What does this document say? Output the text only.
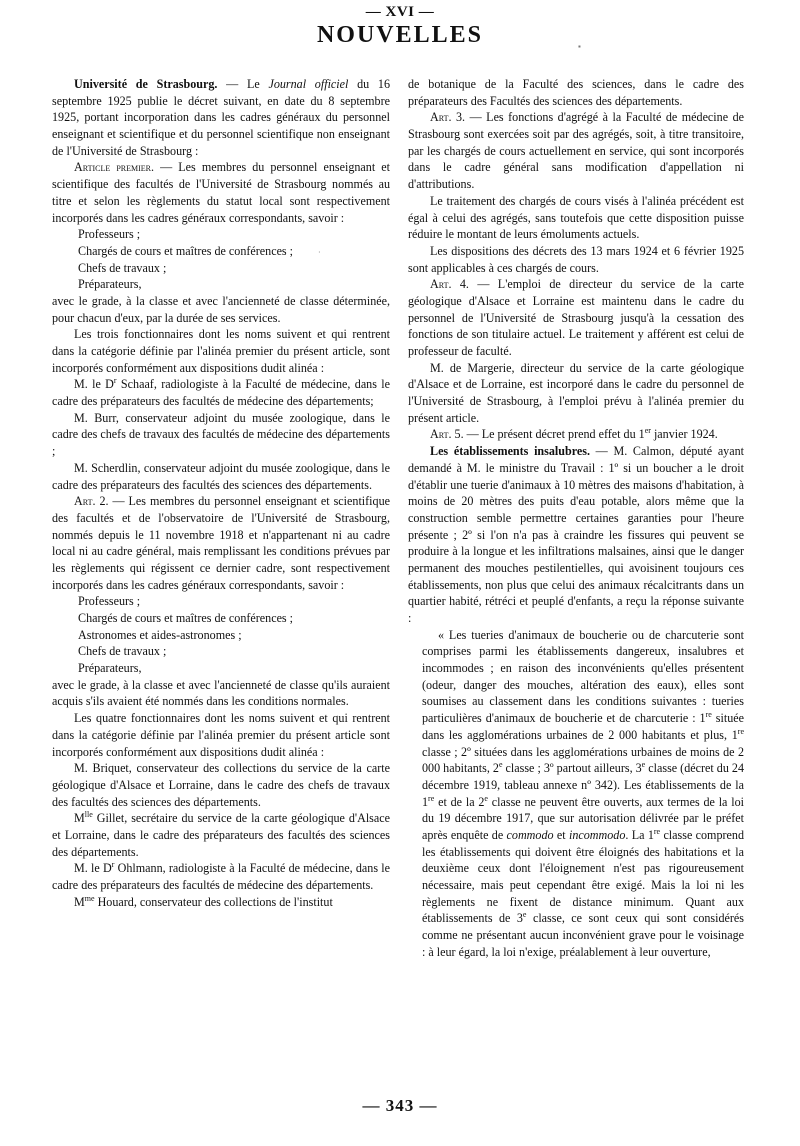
— XVI —
NOUVELLES

Université de Strasbourg. — Le Journal officiel du 16 septembre 1925 publie le décret suivant, en date du 8 septembre 1925, portant incorporation dans les cadres généraux du personnel enseignant et scientifique et du personnel scientifique non enseignant de l'Université de Strasbourg :

Article premier. — Les membres du personnel enseignant et scientifique des facultés de l'Université de Strasbourg nommés au titre et selon les règlements du statut local sont respectivement incorporés dans les cadres généraux correspondants, savoir :

Professeurs ;

Chargés de cours et maîtres de conférences ;

Chefs de travaux ;

Préparateurs,

avec le grade, à la classe et avec l'ancienneté de classe déterminée, pour chacun d'eux, par la durée de ses services.

Les trois fonctionnaires dont les noms suivent et qui rentrent dans la catégorie définie par l'alinéa premier du présent article, sont incorporés conformément aux dispositions dudit alinéa :

M. le $D^r$ Schaaf, radiologiste à la Faculté de médecine, dans le cadre des préparateurs des facultés de médecine des départements;

M. Burr, conservateur adjoint du musée zoologique, dans le cadre des chefs de travaux des facultés de médecine des départements ;

M. Scherdlin, conservateur adjoint du musée zoologique, dans le cadre des préparateurs des facultés des sciences des départements.

Art. 2. — Les membres du personnel enseignant et scientifique des facultés et de l'observatoire de l'Université de Strasbourg, nommés depuis le 11 novembre 1918 et n'appartenant ni au cadre local ni au cadre général, mais remplissant les conditions prévues par les règlements qui régissent ce dernier cadre, sont respectivement incorporés dans les cadres généraux correspondants, savoir :

Professeurs ;

Chargés de cours et maîtres de conférences ;

Astronomes et aides-astronomes ;

Chefs de travaux ;

Préparateurs,

avec le grade, à la classe et avec l'ancienneté de classe qu'ils auraient acquis s'ils avaient été nommés dans les conditions normales.

Les quatre fonctionnaires dont les noms suivent et qui rentrent dans la catégorie définie par l'alinéa premier du présent article sont incorporés conformément aux dispositions dudit alinéa :

M. Briquet, conservateur des collections du service de la carte géologique d'Alsace et Lorraine, dans le cadre des chefs de travaux des facultés des sciences des départements.

$M^{lle}$ Gillet, secrétaire du service de la carte géologique d'Alsace et Lorraine, dans le cadre des préparateurs des facultés des sciences des départements.

M. le $D^r$ Ohlmann, radiologiste à la Faculté de médecine, dans le cadre des préparateurs des facultés de médecine des départements.

$M^{me}$ Houard, conservateur des collections de l'institut

de botanique de la Faculté des sciences, dans le cadre des préparateurs des Facultés des sciences des départements.

Art. 3. — Les fonctions d'agrégé à la Faculté de médecine de Strasbourg sont exercées soit par des agrégés, soit, à titre transitoire, par les chargés de cours actuellement en service, qui sont incorporés dans le cadre général sans modification d'appellation ni d'attributions.

Le traitement des chargés de cours visés à l'alinéa précédent est égal à celui des agrégés, sans toutefois que cette disposition puisse réduire le montant de leurs émoluments actuels.

Les dispositions des décrets des 13 mars 1924 et 6 février 1925 sont applicables à ces chargés de cours.

Art. 4. — L'emploi de directeur du service de la carte géologique d'Alsace et Lorraine est maintenu dans le cadre du personnel de l'Université de Strasbourg jusqu'à la cessation des fonctions de son titulaire actuel. Le traitement y afférent est celui de professeur de faculté.

M. de Margerie, directeur du service de la carte géologique d'Alsace et de Lorraine, est incorporé dans le cadre du personnel de l'Université de Strasbourg, à l'emploi prévu à l'alinéa premier du présent article.

Art. 5. — Le présent décret prend effet du 1er janvier 1924.

Les établissements insalubres. — M. Calmon, député ayant demandé à M. le ministre du Travail : 1º si un boucher a le droit d'établir une tuerie d'animaux à 10 mètres des maisons d'habitation, à moins de 20 mètres des puits d'eau potable, alors même que la construction semble permettre certaines garanties pour l'heure présente ; 2º si l'on n'a pas à craindre les fissures qui peuvent se produire à la longue et les infiltrations malsaines, ainsi que le danger permanent des mouches pestilentielles, qui avoisinent toujours ces établissements, non plus que celui des animaux récalcitrants dans un quartier habité, rétréci et peuplé d'enfants, a reçu la réponse suivante :

« Les tueries d'animaux de boucherie ou de charcuterie sont comprises parmi les établissements dangereux, insalubres et incommodes ; en raison des inconvénients qu'elles présentent (odeur, danger des mouches, altération des eaux), elles sont soumises au classement dans les conditions suivantes : tueries particulières d'animaux de boucherie et de charcuterie : 1re située dans les agglomérations urbaines de 2 000 habitants et plus, 1re classe ; 2º situées dans les agglomérations urbaines de moins de 2 000 habitants, 2e classe ; 3º partout ailleurs, 3e classe (décret du 24 décembre 1919, tableau annexe nº 342). Les établissements de la 1re et de la 2e classe ne peuvent être ouverts, aux termes de la loi du 19 décembre 1917, que sur autorisation délivrée par le préfet après enquête de commodo et incommodo. La 1re classe comprend les établissements qui doivent être éloignés des habitations et la deuxième ceux dont l'éloignement n'est pas rigoureusement nécessaire, mais peut cependant être exigé. Mais la loi ni les règlements ne fixent de distance minimum. Quant aux établissements de 3e classe, ce sont ceux qui sont considérés comme ne présentant aucun inconvénient grave pour le voisinage : à leur égard, la loi n'exige, préalablement à leur ouverture,

▪
·
— 343 —
